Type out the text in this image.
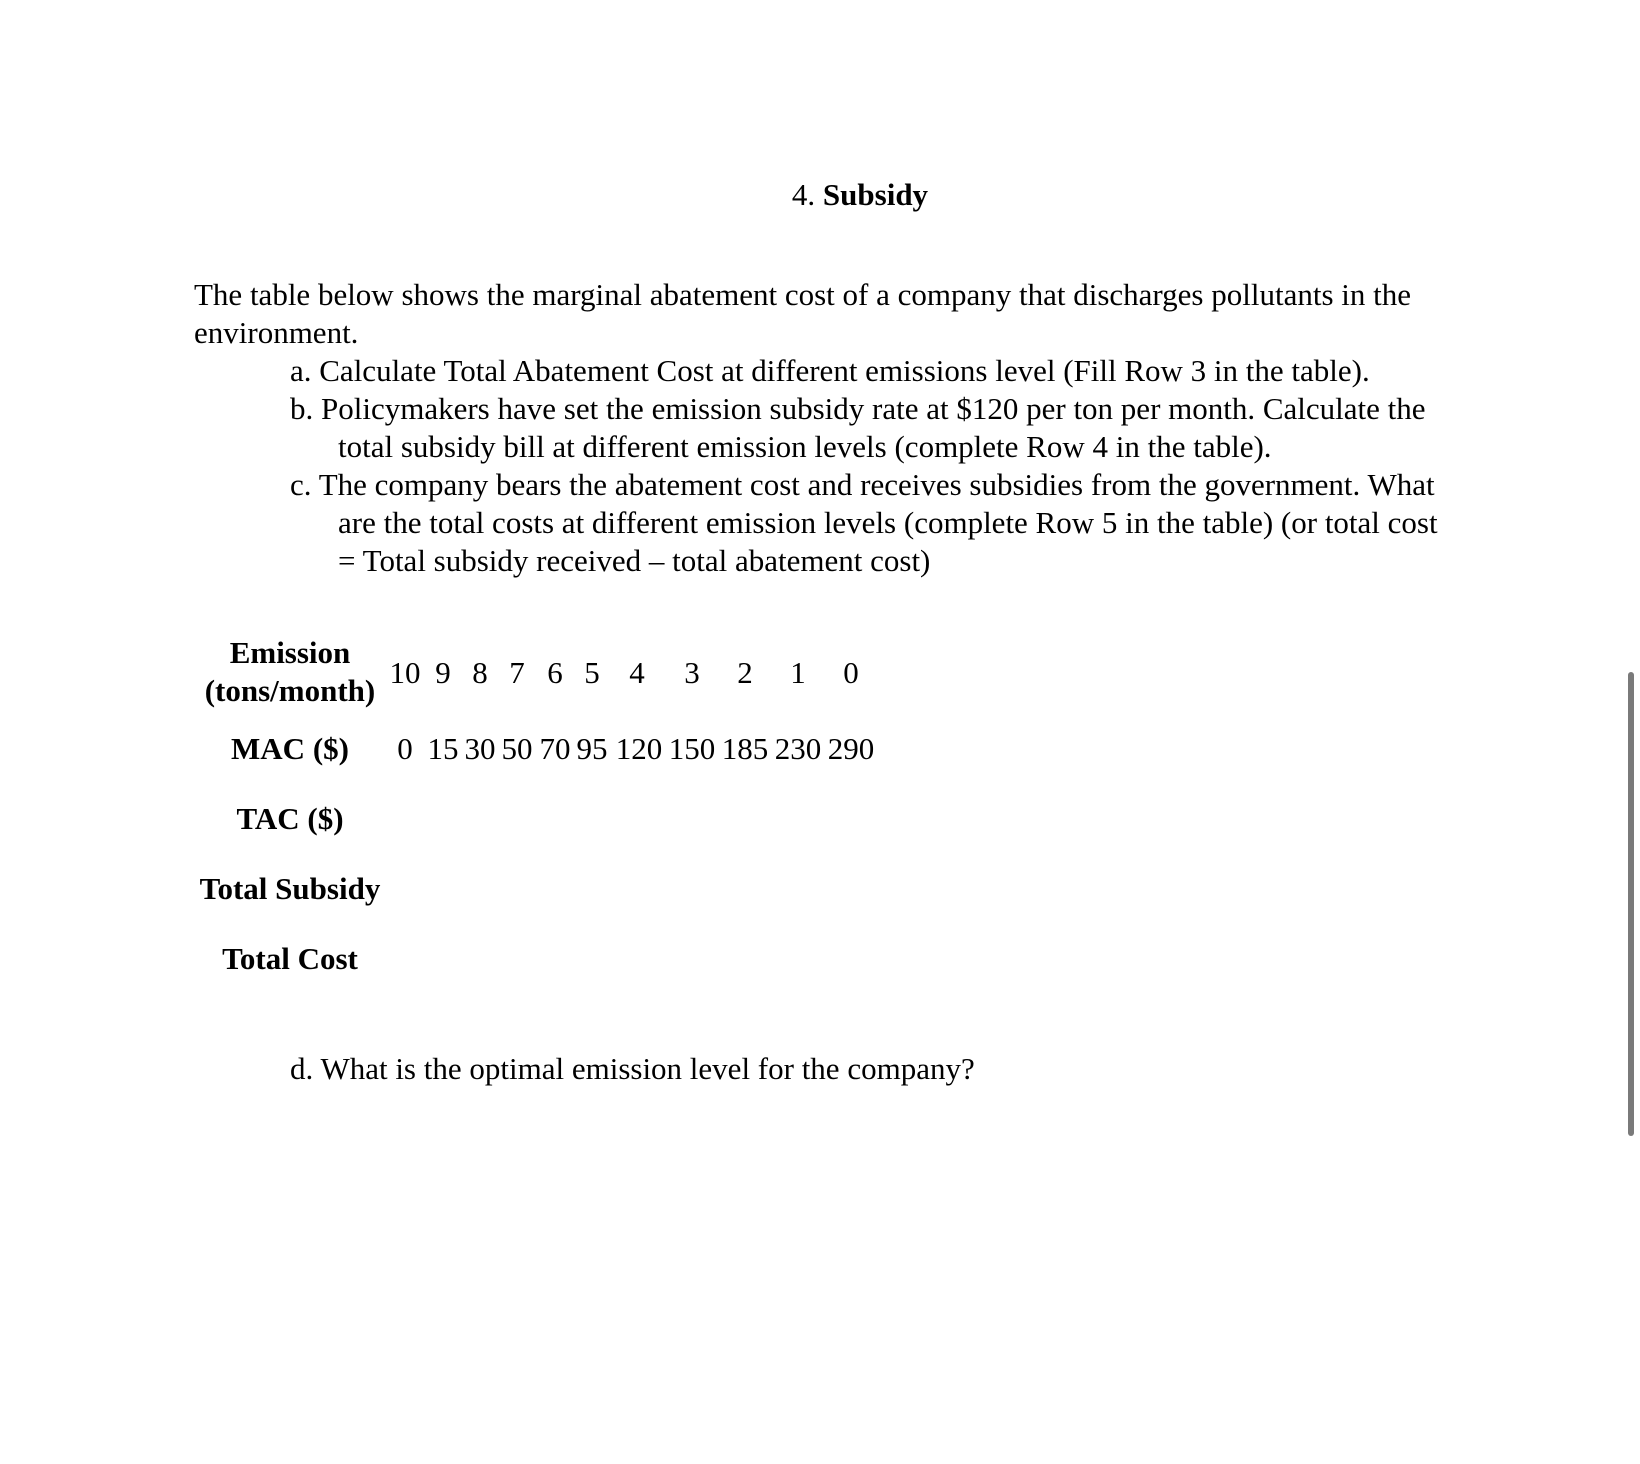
4. Subsidy

The table below shows the marginal abatement cost of a company that discharges pollutants in the environment.

a. Calculate Total Abatement Cost at different emissions level (Fill Row 3 in the table).
b. Policymakers have set the emission subsidy rate at $120 per ton per month. Calculate the total subsidy bill at different emission levels (complete Row 4 in the table).
c. The company bears the abatement cost and receives subsidies from the government. What are the total costs at different emission levels (complete Row 5 in the table) (or total cost = Total subsidy received – total abatement cost)
Emission
(tons/month)
MAC ($)
TAC ($)
Total Subsidy
Total Cost
10 9 8 7 6 5 4 3 2 1 0
0 15 30 50 70 95 120 150 185 230 290
d. What is the optimal emission level for the company?
